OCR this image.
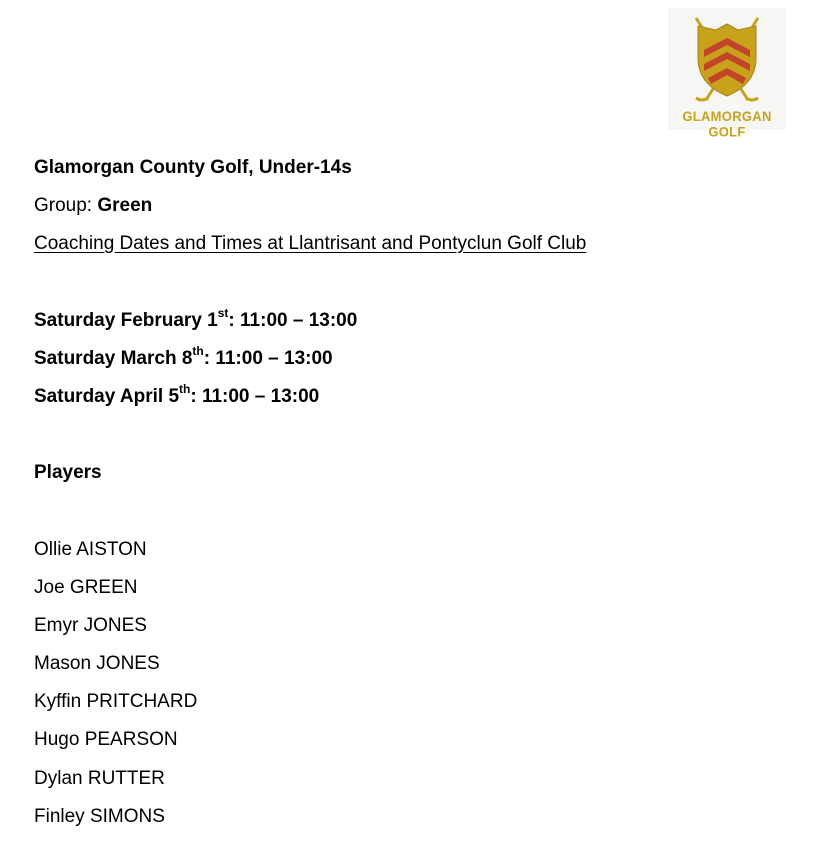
GLAMORGAN GOLF
Glamorgan County Golf, Under-14s
Group: Green
Coaching Dates and Times at Llantrisant and Pontyclun Golf Club
Saturday February 1st: 11:00 – 13:00
Saturday March 8th: 11:00 – 13:00
Saturday April 5th: 11:00 – 13:00
Players
Ollie AISTON
Joe GREEN
Emyr JONES
Mason JONES
Kyffin PRITCHARD
Hugo PEARSON
Dylan RUTTER
Finley SIMONS
